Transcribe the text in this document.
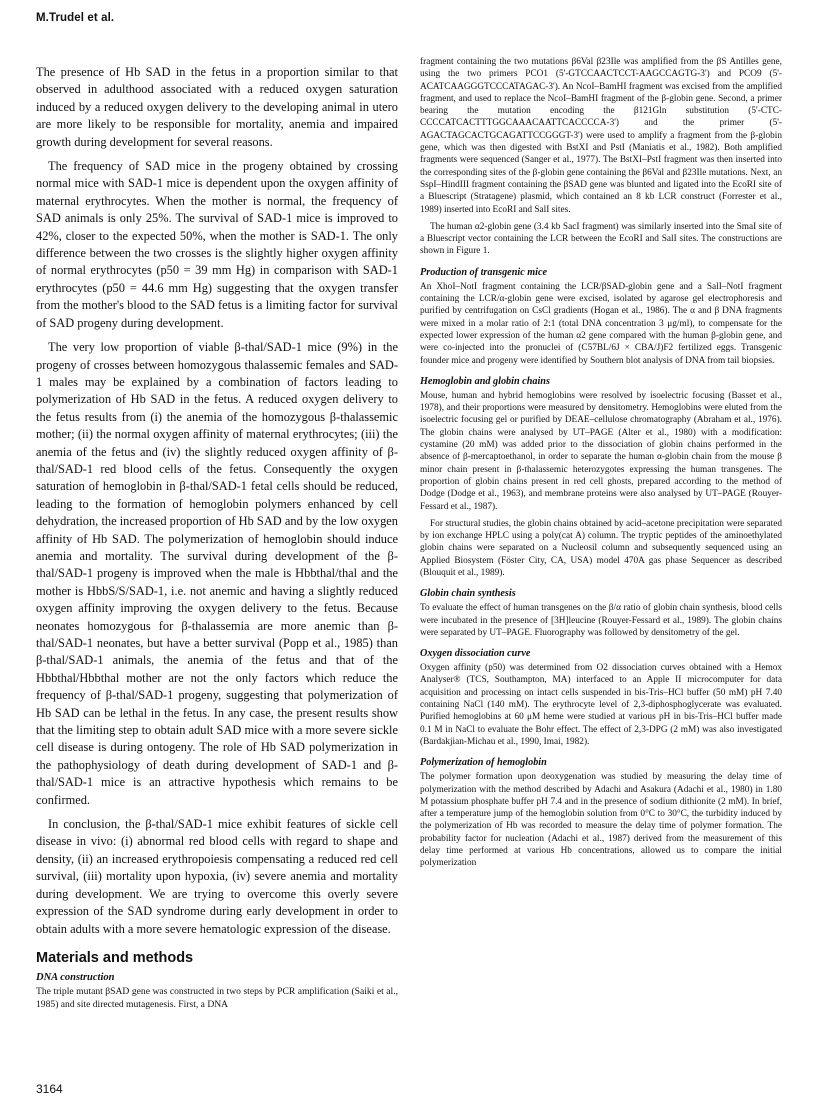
M.Trudel et al.

The presence of Hb SAD in the fetus in a proportion similar to that observed in adulthood associated with a reduced oxygen saturation induced by a reduced oxygen delivery to the developing animal in utero are more likely to be responsible for mortality, anemia and impaired growth during development for several reasons.

The frequency of SAD mice in the progeny obtained by crossing normal mice with SAD-1 mice is dependent upon the oxygen affinity of maternal erythrocytes. When the mother is normal, the frequency of SAD animals is only 25%. The survival of SAD-1 mice is improved to 42%, closer to the expected 50%, when the mother is SAD-1. The only difference between the two crosses is the slightly higher oxygen affinity of normal erythrocytes (p50 = 39 mm Hg) in comparison with SAD-1 erythrocytes (p50 = 44.6 mm Hg) suggesting that the oxygen transfer from the mother's blood to the SAD fetus is a limiting factor for survival of SAD progeny during development.

The very low proportion of viable β-thal/SAD-1 mice (9%) in the progeny of crosses between homozygous thalassemic females and SAD-1 males may be explained by a combination of factors leading to polymerization of Hb SAD in the fetus. A reduced oxygen delivery to the fetus results from (i) the anemia of the homozygous β-thalassemic mother; (ii) the normal oxygen affinity of maternal erythrocytes; (iii) the anemia of the fetus and (iv) the slightly reduced oxygen affinity of β-thal/SAD-1 red blood cells of the fetus. Consequently the oxygen saturation of hemoglobin in β-thal/SAD-1 fetal cells should be reduced, leading to the formation of hemoglobin polymers enhanced by cell dehydration, the increased proportion of Hb SAD and by the low oxygen affinity of Hb SAD. The polymerization of hemoglobin should induce anemia and mortality. The survival during development of the β-thal/SAD-1 progeny is improved when the male is Hbbthal/thal and the mother is HbbS/S/SAD-1, i.e. not anemic and having a slightly reduced oxygen affinity improving the oxygen delivery to the fetus. Because neonates homozygous for β-thalassemia are more anemic than β-thal/SAD-1 neonates, but have a better survival (Popp et al., 1985) than β-thal/SAD-1 animals, the anemia of the fetus and that of the Hbbthal/Hbbthal mother are not the only factors which reduce the frequency of β-thal/SAD-1 progeny, suggesting that polymerization of Hb SAD can be lethal in the fetus. In any case, the present results show that the limiting step to obtain adult SAD mice with a more severe sickle cell disease is during ontogeny. The role of Hb SAD polymerization in the pathophysiology of death during development of SAD-1 and β-thal/SAD-1 mice is an attractive hypothesis which remains to be confirmed.

In conclusion, the β-thal/SAD-1 mice exhibit features of sickle cell disease in vivo: (i) abnormal red blood cells with regard to shape and density, (ii) an increased erythropoiesis compensating a reduced red cell survival, (iii) mortality upon hypoxia, (iv) severe anemia and mortality during development. We are trying to overcome this overly severe expression of the SAD syndrome during early development in order to obtain adults with a more severe hematologic expression of the disease.

Materials and methods
DNA construction

The triple mutant βSAD gene was constructed in two steps by PCR amplification (Saiki et al., 1985) and site directed mutagenesis. First, a DNA

fragment containing the two mutations β6Val β23Ile was amplified from the βS Antilles gene, using the two primers PCO1 (5'-GTCCAACTCCT-AAGCCAGTG-3') and PCO9 (5'-ACATCAAGGGTCCCATAGAC-3'). An NcoI–BamHI fragment was excised from the amplified fragment, and used to replace the NcoI–BamHI fragment of the β-globin gene. Second, a primer bearing the mutation encoding the β121Gln substitution (5'-CTC-CCCCATCACTTTGGCAAACAATTCACCCCA-3') and the primer (5'-AGACTAGCACTGCAGATTCCGGGT-3') were used to amplify a fragment from the β-globin gene, which was then digested with BstXI and PstI (Maniatis et al., 1982). Both amplified fragments were sequenced (Sanger et al., 1977). The BstXI–PstI fragment was then inserted into the corresponding sites of the β-globin gene containing the β6Val and β23Ile mutations. Next, an SspI–HindIII fragment containing the βSAD gene was blunted and ligated into the EcoRI site of a Bluescript (Stratagene) plasmid, which contained an 8 kb LCR construct (Forrester et al., 1989) inserted into EcoRI and SalI sites.

The human α2-globin gene (3.4 kb SacI fragment) was similarly inserted into the SmaI site of a Bluescript vector containing the LCR between the EcoRI and SalI sites. The constructions are shown in Figure 1.

Production of transgenic mice

An XhoI–NotI fragment containing the LCR/βSAD-globin gene and a SalI–NotI fragment containing the LCR/α-globin gene were excised, isolated by agarose gel electrophoresis and purified by centrifugation on CsCl gradients (Hogan et al., 1986). The α and β DNA fragments were mixed in a molar ratio of 2:1 (total DNA concentration 3 μg/ml), to compensate for the expected lower expression of the human α2 gene compared with the human β-globin gene, and were co-injected into the pronuclei of (C57BL/6J × CBA/J)F2 fertilized eggs. Transgenic founder mice and progeny were identified by Southern blot analysis of DNA from tail biopsies.

Hemoglobin and globin chains

Mouse, human and hybrid hemoglobins were resolved by isoelectric focusing (Basset et al., 1978), and their proportions were measured by densitometry. Hemoglobins were eluted from the isoelectric focusing gel or purified by DEAE–cellulose chromatography (Abraham et al., 1976). The globin chains were analysed by UT–PAGE (Alter et al., 1980) with a modification: cystamine (20 mM) was added prior to the dissociation of globin chains performed in the absence of β-mercaptoethanol, in order to separate the human α-globin chain from the mouse β minor chain present in β-thalassemic heterozygotes expressing the human transgenes. The proportion of globin chains present in red cell ghosts, prepared according to the method of Dodge (Dodge et al., 1963), and membrane proteins were also analysed by UT–PAGE (Rouyer-Fessard et al., 1987).

For structural studies, the globin chains obtained by acid–acetone precipitation were separated by ion exchange HPLC using a poly(cat A) column. The tryptic peptides of the aminoethylated globin chains were separated on a Nucleosil column and subsequently sequenced using an Applied Biosystem (Föster City, CA, USA) model 470A gas phase Sequencer as described (Blouquit et al., 1989).

Globin chain synthesis

To evaluate the effect of human transgenes on the β/α ratio of globin chain synthesis, blood cells were incubated in the presence of [3H]leucine (Rouyer-Fessard et al., 1989). The globin chains were separated by UT–PAGE. Fluorography was followed by densitometry of the gel.

Oxygen dissociation curve

Oxygen affinity (p50) was determined from O2 dissociation curves obtained with a Hemox Analyser® (TCS, Southampton, MA) interfaced to an Apple II microcomputer for data acquisition and processing on intact cells suspended in bis-Tris–HCl buffer (50 mM) pH 7.40 containing NaCl (140 mM). The erythrocyte level of 2,3-diphosphoglycerate was evaluated. Purified hemoglobins at 60 μM heme were studied at various pH in bis-Tris–HCl buffer made 0.1 M in NaCl to evaluate the Bohr effect. The effect of 2,3-DPG (2 mM) was also investigated (Bardakjian-Michau et al., 1990, Imai, 1982).

Polymerization of hemoglobin

The polymer formation upon deoxygenation was studied by measuring the delay time of polymerization with the method described by Adachi and Asakura (Adachi et al., 1980) in 1.80 M potassium phosphate buffer pH 7.4 and in the presence of sodium dithionite (2 mM). In brief, after a temperature jump of the hemoglobin solution from 0°C to 30°C, the turbidity induced by the polymerization of Hb was recorded to measure the delay time of polymer formation. The probability factor for nucleation (Adachi et al., 1987) derived from the measurement of this delay time performed at various Hb concentrations, allowed us to compare the initial polymerization

3164
